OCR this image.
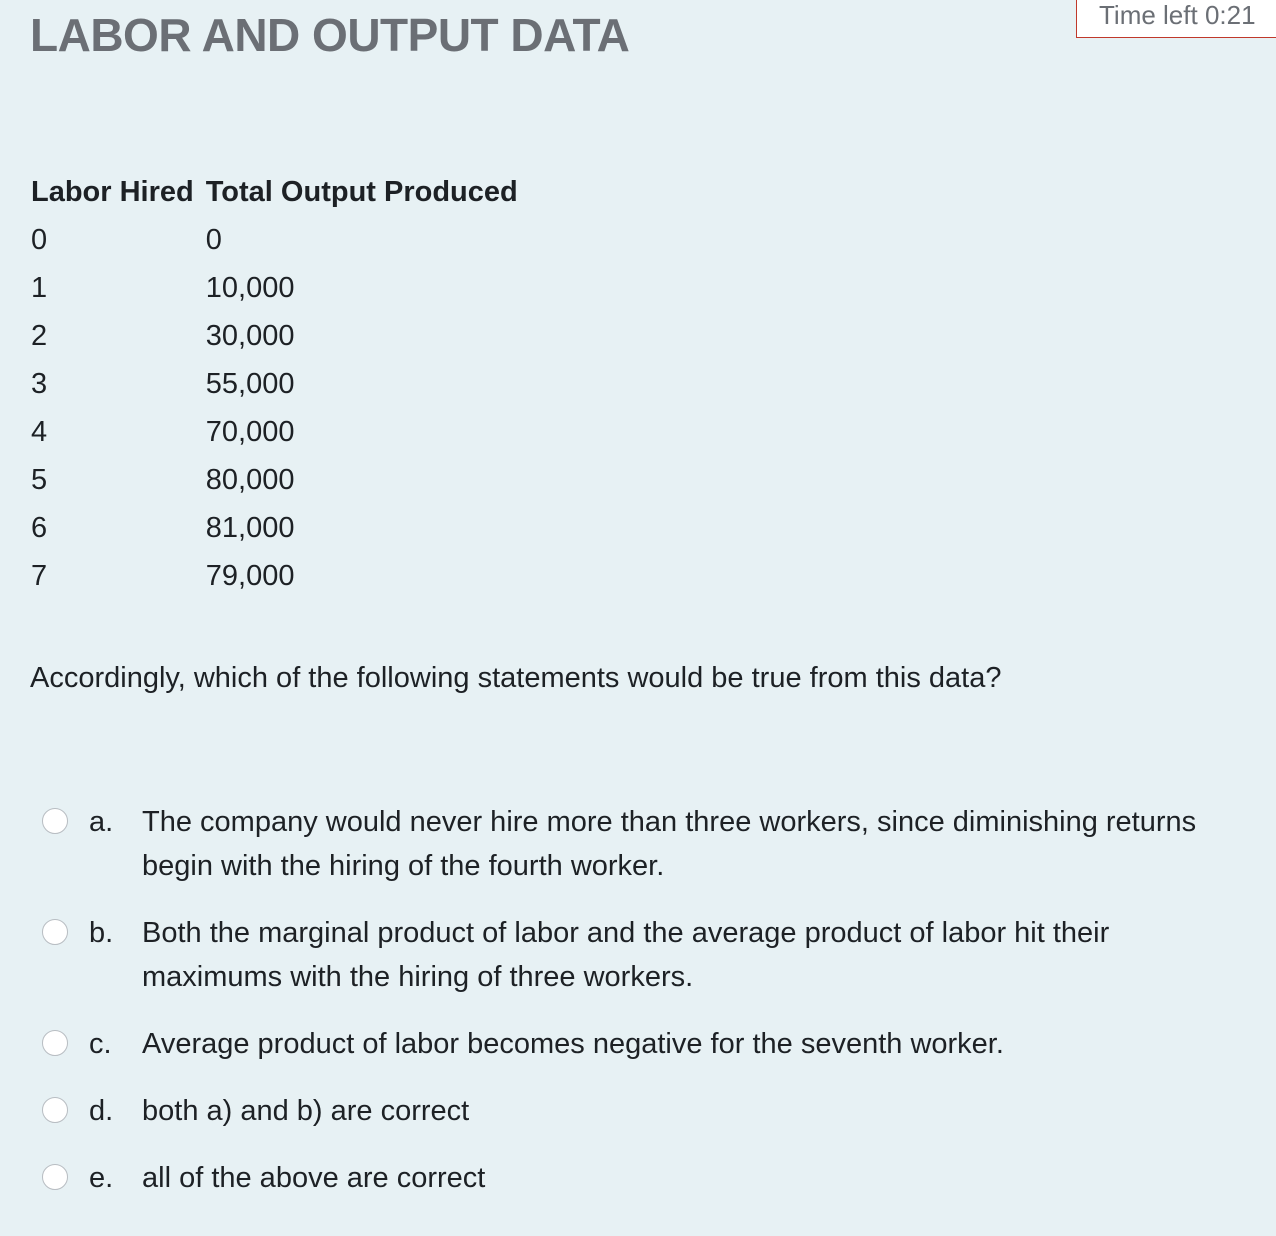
LABOR AND OUTPUT DATA	Time left 0:21
Labor Hired	Total Output Produced
0	0
1	10,000
2	30,000
3	55,000
4	70,000
5	80,000
6	81,000
7	79,000

Accordingly, which of the following statements would be true from this data?

a. The company would never hire more than three workers, since diminishing returns begin with the hiring of the fourth worker.
b. Both the marginal product of labor and the average product of labor hit their maximums with the hiring of three workers.
c. Average product of labor becomes negative for the seventh worker.
d. both a) and b) are correct
e. all of the above are correct
